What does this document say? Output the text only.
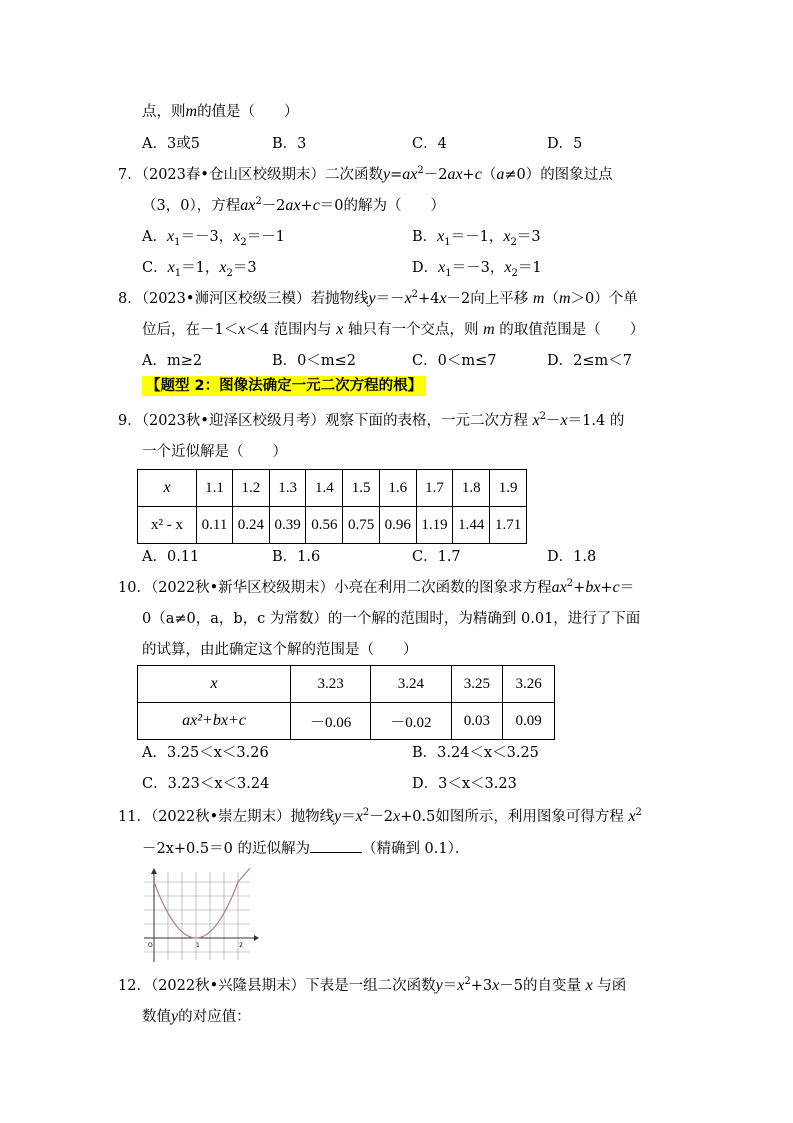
点，则m的值是（　　）
A．3或5	B．3	C．4	D．5
7．（2023春•仓山区校级期末）二次函数$y=ax^2-2ax+c(a\ne 0)$的图象过点
（3，0），方程$ax^2-2ax+c=0$的解为（　　）
A．$x_1=-3$，$x_2=-1$	B．$x_1=-1$，$x_2=3$
C．$x_1=1$，$x_2=3$	D．$x_1=-3$，$x_2=1$
8．（2023•浉河区校级三模）若抛物线$y=-x^2+4x-2$向上平移 m（m＞0）个单
位后，在－1＜x＜4 范围内与 x 轴只有一个交点，则 m 的取值范围是（　　）
A．m≥2	B．0＜m≤2	C．0＜m≤7	D．2≤m＜7
【题型 2：图像法确定一元二次方程的根】
9．（2023秋•迎泽区校级月考）观察下面的表格，一元二次方程 $x^2-x=1.4$ 的
一个近似解是（　　）
x	1.1	1.2	1.3	1.4	1.5	1.6	1.7	1.8	1.9
x² - x	0.11	0.24	0.39	0.56	0.75	0.96	1.19	1.44	1.71
A．0.11	B．1.6	C．1.7	D．1.8
10．（2022秋•新华区校级期末）小亮在利用二次函数的图象求方程$ax^2+bx+c=$
0（a≠0，a，b，c 为常数）的一个解的范围时，为精确到 0.01，进行了下面
的试算，由此确定这个解的范围是（　　）
x	3.23	3.24	3.25	3.26
ax²+bx+c	－0.06	－0.02	0.03	0.09
A．3.25＜x＜3.26	B．3.24＜x＜3.25
C．3.23＜x＜3.24	D．3＜x＜3.23
11．（2022秋•崇左期末）抛物线$y=x^2-2x+0.5$如图所示，利用图象可得方程 $x^2$
－2x+0.5＝0 的近似解为	（精确到 0.1）．
1	2
O
12．（2022秋•兴隆县期末）下表是一组二次函数$y=x^2+3x-5$的自变量 x 与函
数值y的对应值：
